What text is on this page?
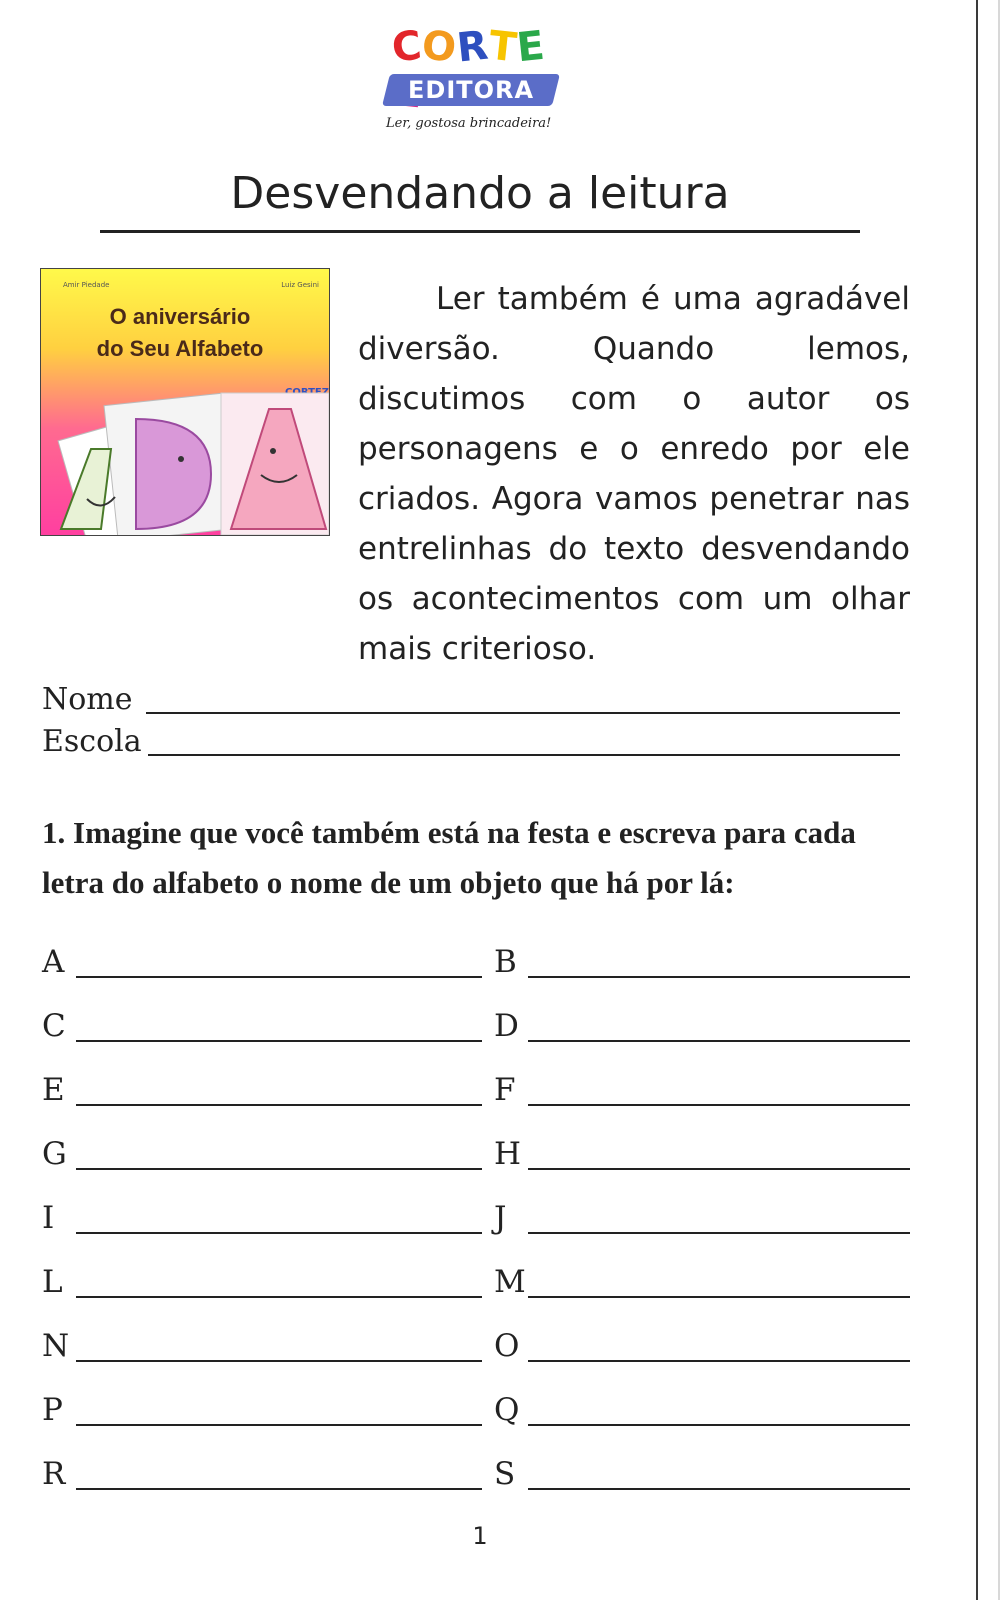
CORTE
EDITORA
Ler, gostosa brincadeira!
Desvendando a leitura
Amir Piedade	Luiz Gesini
O aniversário
do Seu Alfabeto

Ler também é uma agradável diversão. Quando lemos, discutimos com o autor os personagens e o enredo por ele criados. Agora vamos penetrar nas entrelinhas do texto desvendando os acontecimentos com um olhar mais criterioso.

Nome
Escola

1. Imagine que você também está na festa e escreva para cada letra do alfabeto o nome de um objeto que há por lá:

A	B
C	D
E	F
G	H
I	J
L	M
N	O
P	Q
R	S
1
